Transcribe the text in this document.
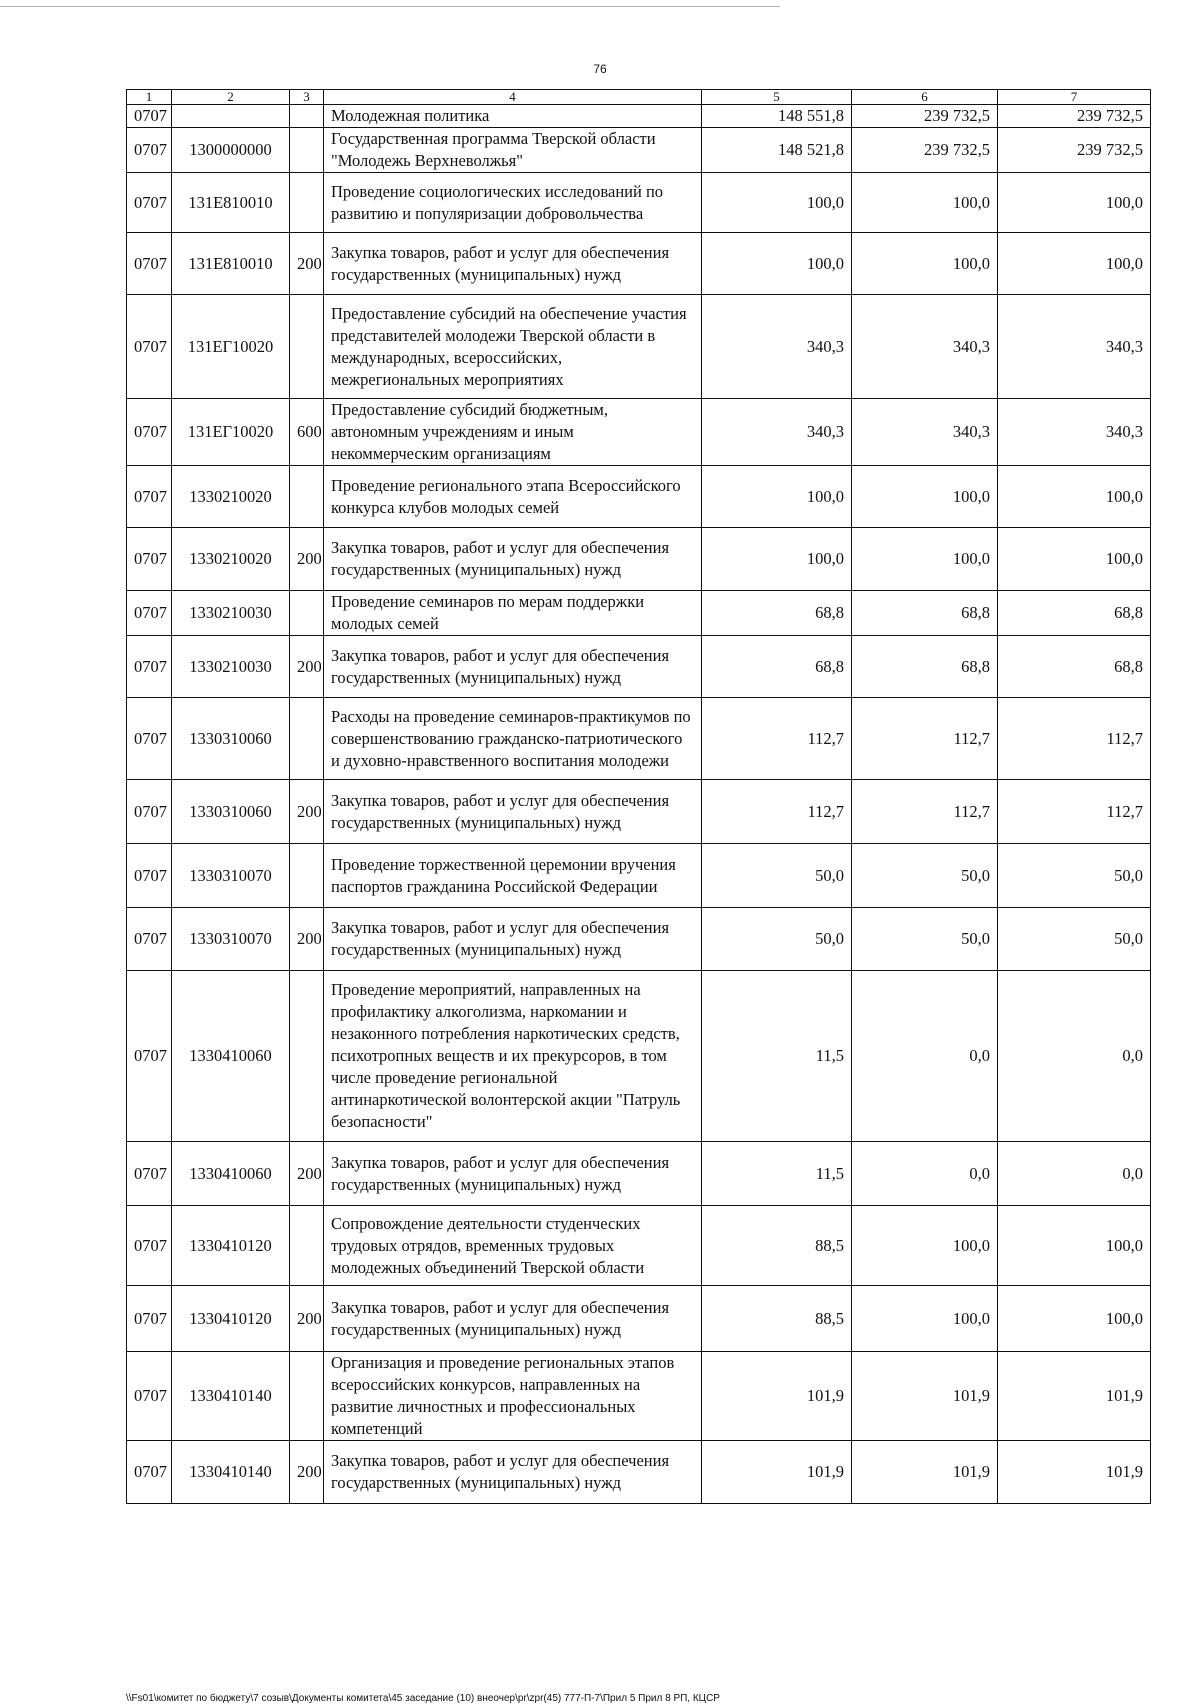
76
1	2	3	4	5	6	7
0707			Молодежная политика	148 551,8	239 732,5	239 732,5
0707	1300000000		Государственная программа Тверской области "Молодежь Верхневолжья"	148 521,8	239 732,5	239 732,5
0707	131E810010		Проведение социологических исследований по развитию и популяризации добровольчества	100,0	100,0	100,0
0707	131E810010	200	Закупка товаров, работ и услуг для обеспечения государственных (муниципальных) нужд	100,0	100,0	100,0
0707	131ЕГ10020		Предоставление субсидий на обеспечение участия представителей молодежи Тверской области в международных, всероссийских, межрегиональных мероприятиях	340,3	340,3	340,3
0707	131ЕГ10020	600	Предоставление субсидий бюджетным, автономным учреждениям и иным некоммерческим организациям	340,3	340,3	340,3
0707	1330210020		Проведение регионального этапа Всероссийского конкурса клубов молодых семей	100,0	100,0	100,0
0707	1330210020	200	Закупка товаров, работ и услуг для обеспечения государственных (муниципальных) нужд	100,0	100,0	100,0
0707	1330210030		Проведение семинаров по мерам поддержки молодых семей	68,8	68,8	68,8
0707	1330210030	200	Закупка товаров, работ и услуг для обеспечения государственных (муниципальных) нужд	68,8	68,8	68,8
0707	1330310060		Расходы на проведение семинаров-практикумов по совершенствованию гражданско-патриотического и духовно-нравственного воспитания молодежи	112,7	112,7	112,7
0707	1330310060	200	Закупка товаров, работ и услуг для обеспечения государственных (муниципальных) нужд	112,7	112,7	112,7
0707	1330310070		Проведение торжественной церемонии вручения паспортов гражданина Российской Федерации	50,0	50,0	50,0
0707	1330310070	200	Закупка товаров, работ и услуг для обеспечения государственных (муниципальных) нужд	50,0	50,0	50,0
0707	1330410060		Проведение мероприятий, направленных на профилактику алкоголизма, наркомании и незаконного потребления наркотических средств, психотропных веществ и их прекурсоров, в том числе проведение региональной антинаркотической волонтерской акции "Патруль безопасности"	11,5	0,0	0,0
0707	1330410060	200	Закупка товаров, работ и услуг для обеспечения государственных (муниципальных) нужд	11,5	0,0	0,0
0707	1330410120		Сопровождение деятельности студенческих трудовых отрядов, временных трудовых молодежных объединений Тверской области	88,5	100,0	100,0
0707	1330410120	200	Закупка товаров, работ и услуг для обеспечения государственных (муниципальных) нужд	88,5	100,0	100,0
0707	1330410140		Организация и проведение региональных этапов всероссийских конкурсов, направленных на развитие личностных и профессиональных компетенций	101,9	101,9	101,9
0707	1330410140	200	Закупка товаров, работ и услуг для обеспечения государственных (муниципальных) нужд	101,9	101,9	101,9
\\Fs01\комитет по бюджету\7 созыв\Документы комитета\45 заседание (10) внеочер\pr\zpr(45) 777-П-7\Прил 5 Прил 8 РП, КЦСР
